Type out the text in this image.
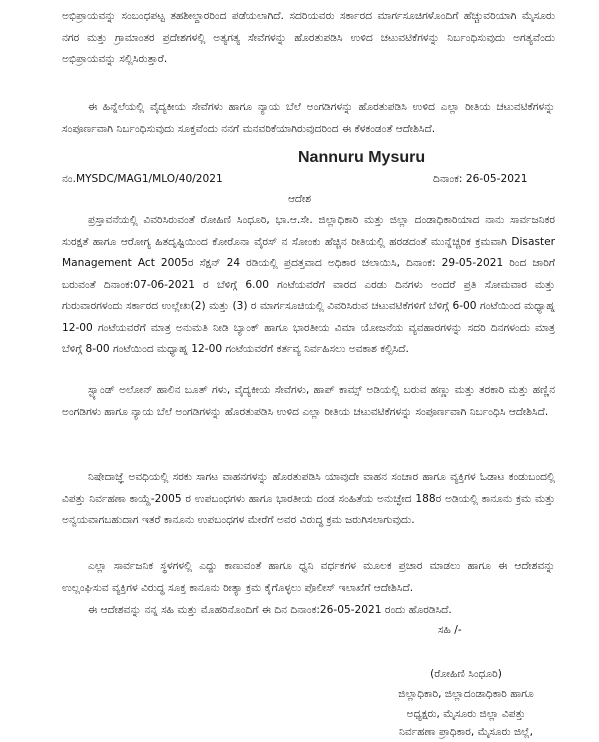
ಅಭಿಪ್ರಾಯವನ್ನು ಸಂಬಂಧಪಟ್ಟ ತಹಶೀಲ್ದಾರರಿಂದ ಪಡೆಯಲಾಗಿದೆ. ಸದರಿಯವರು ಸರ್ಕಾರದ ಮಾರ್ಗಸೂಚಿಗಳೊಂದಿಗೆ ಹೆಚ್ಚುವರಿಯಾಗಿ ಮೈಸೂರು ನಗರ ಮತ್ತು ಗ್ರಾಮಾಂತರ ಪ್ರದೇಶಗಳಲ್ಲಿ ಅತ್ಯಗತ್ಯ ಸೇವೆಗಳನ್ನು ಹೊರತುಪಡಿಸಿ ಉಳಿದ ಚಟುವಟಿಕೆಗಳನ್ನು ನಿರ್ಬಂಧಿಸುವುದು ಅಗತ್ಯವೆಂದು ಅಭಿಪ್ರಾಯವನ್ನು ಸಲ್ಲಿಸಿರುತ್ತಾರೆ.

ಈ ಹಿನ್ನೆಲೆಯಲ್ಲಿ ವೈದ್ಯಕೀಯ ಸೇವೆಗಳು ಹಾಗೂ ನ್ಯಾಯ ಬೆಲೆ ಅಂಗಡಿಗಳನ್ನು ಹೊರತುಪಡಿಸಿ ಉಳಿದ ಎಲ್ಲಾ ರೀತಿಯ ಚಟುವಟಿಕೆಗಳನ್ನು ಸಂಪೂರ್ಣವಾಗಿ ನಿರ್ಬಂಧಿಸುವುದು ಸೂಕ್ತವೆಂದು ನನಗೆ ಮನವರಿಕೆಯಾಗಿರುವುದರಿಂದ ಈ ಕೆಳಕಂಡಂತೆ ಆದೇಶಿಸಿದೆ.

Nannuru Mysuru
ನಂ.MYSDC/MAG1/MLO/40/2021	ದಿನಾಂಕ: 26-05-2021
ಆದೇಶ

ಪ್ರಸ್ತಾವನೆಯಲ್ಲಿ ವಿವರಿಸಿರುವಂತೆ ರೋಹಿಣಿ ಸಿಂಧೂರಿ, ಭಾ.ಆ.ಸೇ. ಜಿಲ್ಲಾಧಿಕಾರಿ ಮತ್ತು ಜಿಲ್ಲಾ ದಂಡಾಧಿಕಾರಿಯಾದ ನಾನು ಸಾರ್ವಜನಿಕರ ಸುರಕ್ಷತೆ ಹಾಗೂ ಆರೋಗ್ಯ ಹಿತದೃಷ್ಟಿಯಿಂದ ಕೋರೊನಾ ವೈರಸ್ ನ ಸೋಂಕು ಹೆಚ್ಚಿನ ರೀತಿಯಲ್ಲಿ ಹರಡದಂತೆ ಮುನ್ನೆಚ್ಚರಿಕ ಕ್ರಮವಾಗಿ Disaster Management Act 2005ರ ಸೆಕ್ಷನ್ 24 ರಡಿಯಲ್ಲಿ ಪ್ರದತ್ತವಾದ ಅಧಿಕಾರ ಚಲಾಯಿಸಿ, ದಿನಾಂಕ: 29-05-2021 ರಿಂದ ಜಾರಿಗೆ ಬರುವಂತೆ ದಿನಾಂಕ:07-06-2021 ರ ಬೆಳಿಗ್ಗೆ 6.00 ಗಂಟೆಯವರೆಗೆ ವಾರದ ಎರಡು ದಿನಗಳು ಅಂದರೆ ಪ್ರತಿ ಸೋಮವಾರ ಮತ್ತು ಗುರುವಾರಗಳಂದು ಸರ್ಕಾರದ ಉಲ್ಲೇಖ(2) ಮತ್ತು (3) ರ ಮಾರ್ಗಸೂಚಿಯಲ್ಲಿ ವಿವರಿಸಿರುವ ಚಟುವಟಿಕೆಗಳಿಗೆ ಬೆಳಿಗ್ಗೆ 6-00 ಗಂಟೆಯಿಂದ ಮಧ್ಯಾಹ್ನ 12-00 ಗಂಟೆಯವರೆಗೆ ಮಾತ್ರ ಅನುಮತಿ ನೀಡಿ ಬ್ಯಾಂಕ್ ಹಾಗೂ ಭಾರತೀಯ ವಿಮಾ ಯೋಜನೆಯ ವ್ಯವಹಾರಗಳನ್ನು ಸದರಿ ದಿನಗಳಂದು ಮಾತ್ರ ಬೆಳಿಗ್ಗೆ 8-00 ಗಂಟೆಯಿಂದ ಮಧ್ಯಾಹ್ನ 12-00 ಗಂಟೆಯವರೆಗೆ ಕರ್ತವ್ಯ ನಿರ್ವಹಿಸಲು ಅವಕಾಶ ಕಲ್ಪಿಸಿದೆ.

ಸ್ಟ್ಯಾಂಡ್ ಅಲೋನ್ ಹಾಲಿನ ಬೂತ್ ಗಳು, ವೈದ್ಯಕೀಯ ಸೇವೆಗಳು, ಹಾಪ್ ಕಾಮ್ಸ್ ಅಡಿಯಲ್ಲಿ ಬರುವ ಹಣ್ಣು ಮತ್ತು ತರಕಾರಿ ಮತ್ತು ಹಣ್ಣಿನ ಅಂಗಡಿಗಳು ಹಾಗೂ ನ್ಯಾಯ ಬೆಲೆ ಅಂಗಡಿಗಳನ್ನು ಹೊರತುಪಡಿಸಿ ಉಳಿದ ಎಲ್ಲಾ ರೀತಿಯ ಚಟುವಟಿಕೆಗಳನ್ನು ಸಂಪೂರ್ಣವಾಗಿ ನಿರ್ಬಂಧಿಸಿ ಆದೇಶಿಸಿದೆ.

ನಿಷೇದಾಜ್ಞೆ ಅವಧಿಯಲ್ಲಿ ಸರಕು ಸಾಗಟ ವಾಹನಗಳನ್ನು ಹೊರತುಪಡಿಸಿ ಯಾವುದೇ ವಾಹನ ಸಂಚಾರ ಹಾಗೂ ವ್ಯಕ್ತಿಗಳ ಓಡಾಟ ಕಂಡುಬಂದಲ್ಲಿ ವಿಪತ್ತು ನಿರ್ವಹಣಾ ಕಾಯ್ದೆ-2005 ರ ಉಪಬಂಧಗಳು ಹಾಗೂ ಭಾರತೀಯ ದಂಡ ಸಂಹಿತೆಯ ಅನುಚ್ಛೇದ 188ರ ಅಡಿಯಲ್ಲಿ ಕಾನೂನು ಕ್ರಮ ಮತ್ತು ಅನ್ವಯವಾಗಬಹುದಾಗ ಇತರೆ ಕಾನೂನು ಉಪಬಂಧಗಳ ಮೇರೆಗೆ ಅವರ ವಿರುದ್ಧ ಕ್ರಮ ಜರುಗಿಸಲಾಗುವುದು.

ಎಲ್ಲಾ ಸಾರ್ವಜನಿಕ ಸ್ಥಳಗಳಲ್ಲಿ ಎದ್ದು ಕಾಣುವಂತೆ ಹಾಗೂ ಧ್ವನಿ ವರ್ಧಕಗಳ ಮೂಲಕ ಪ್ರಚಾರ ಮಾಡಲು ಹಾಗೂ ಈ ಆದೇಶವನ್ನು ಉಲ್ಲಂಘಿಸುವ ವ್ಯಕ್ತಿಗಳ ವಿರುದ್ಧ ಸೂಕ್ತ ಕಾನೂನು ರೀತ್ಯಾ ಕ್ರಮ ಕೈಗೊಳ್ಳಲು ಪೊಲೀಸ್ ಇಲಾಖೆಗೆ ಆದೇಶಿಸಿದೆ.

ಈ ಆದೇಶವನ್ನು ನನ್ನ ಸಹಿ ಮತ್ತು ಮೊಹರಿನೊಂದಿಗೆ ಈ ದಿನ ದಿನಾಂಕ:26-05-2021 ರಂದು ಹೊರಡಿಸಿದೆ.

ಸಹಿ /-
(ರೋಹಿಣಿ ಸಿಂಧೂರಿ)
ಜಿಲ್ಲಾಧಿಕಾರಿ, ಜಿಲ್ಲಾದಂಡಾಧಿಕಾರಿ ಹಾಗೂ
ಅಧ್ಯಕ್ಷರು, ಮೈಸೂರು ಜಿಲ್ಲಾ ವಿಪತ್ತು
ನಿರ್ವಹಣಾ ಪ್ರಾಧಿಕಾರ, ಮೈಸೂರು ಜಿಲ್ಲೆ,
